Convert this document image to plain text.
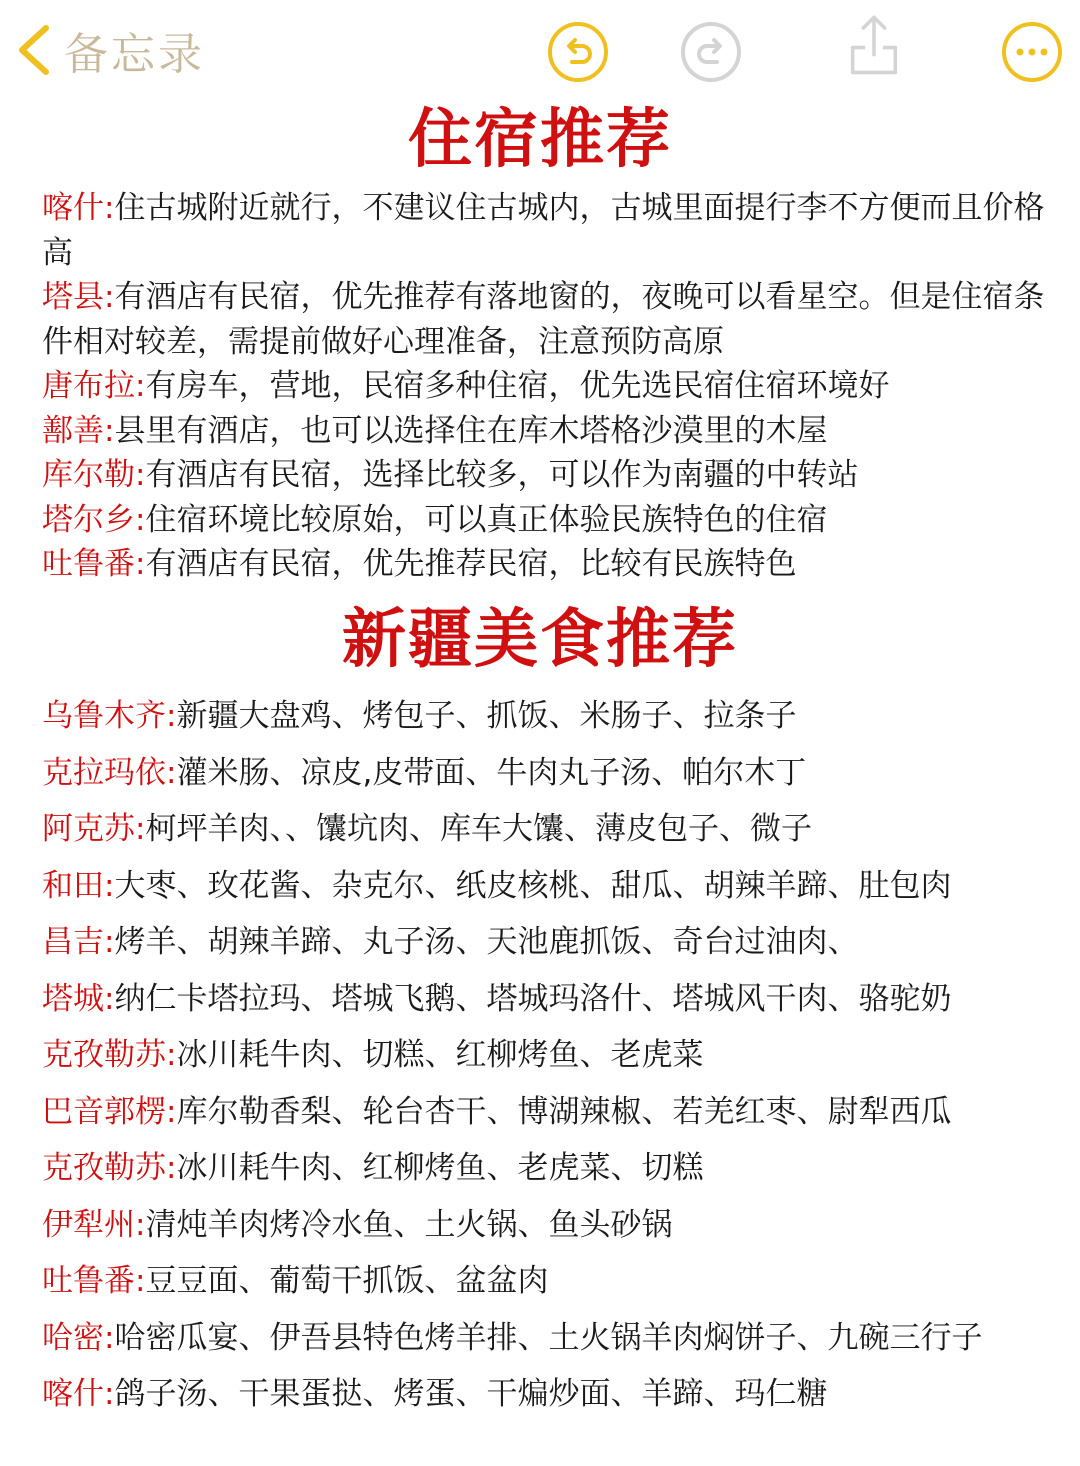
备忘录
住宿推荐
喀什:住古城附近就行，不建议住古城内，古城里面提行李不方便而且价格高
塔县:有酒店有民宿，优先推荐有落地窗的，夜晚可以看星空。但是住宿条件相对较差，需提前做好心理准备，注意预防高原
唐布拉:有房车，营地，民宿多种住宿，优先选民宿住宿环境好
鄯善:县里有酒店，也可以选择住在库木塔格沙漠里的木屋
库尔勒:有酒店有民宿，选择比较多，可以作为南疆的中转站
塔尔乡:住宿环境比较原始，可以真正体验民族特色的住宿
吐鲁番:有酒店有民宿，优先推荐民宿，比较有民族特色
新疆美食推荐
乌鲁木齐:新疆大盘鸡、烤包子、抓饭、米肠子、拉条子
克拉玛依:灌米肠、凉皮,皮带面、牛肉丸子汤、帕尔木丁
阿克苏:柯坪羊肉、、馕坑肉、库车大馕、薄皮包子、微子
和田:大枣、玫花酱、杂克尔、纸皮核桃、甜瓜、胡辣羊蹄、肚包肉
昌吉:烤羊、胡辣羊蹄、丸子汤、天池鹿抓饭、奇台过油肉、
塔城:纳仁卡塔拉玛、塔城飞鹅、塔城玛洛什、塔城风干肉、骆驼奶
克孜勒苏:冰川耗牛肉、切糕、红柳烤鱼、老虎菜
巴音郭楞:库尔勒香梨、轮台杏干、博湖辣椒、若羌红枣、尉犁西瓜
克孜勒苏:冰川耗牛肉、红柳烤鱼、老虎菜、切糕
伊犁州:清炖羊肉烤冷水鱼、土火锅、鱼头砂锅
吐鲁番:豆豆面、葡萄干抓饭、盆盆肉
哈密:哈密瓜宴、伊吾县特色烤羊排、土火锅羊肉焖饼子、九碗三行子
喀什:鸽子汤、干果蛋挞、烤蛋、干煸炒面、羊蹄、玛仁糖
